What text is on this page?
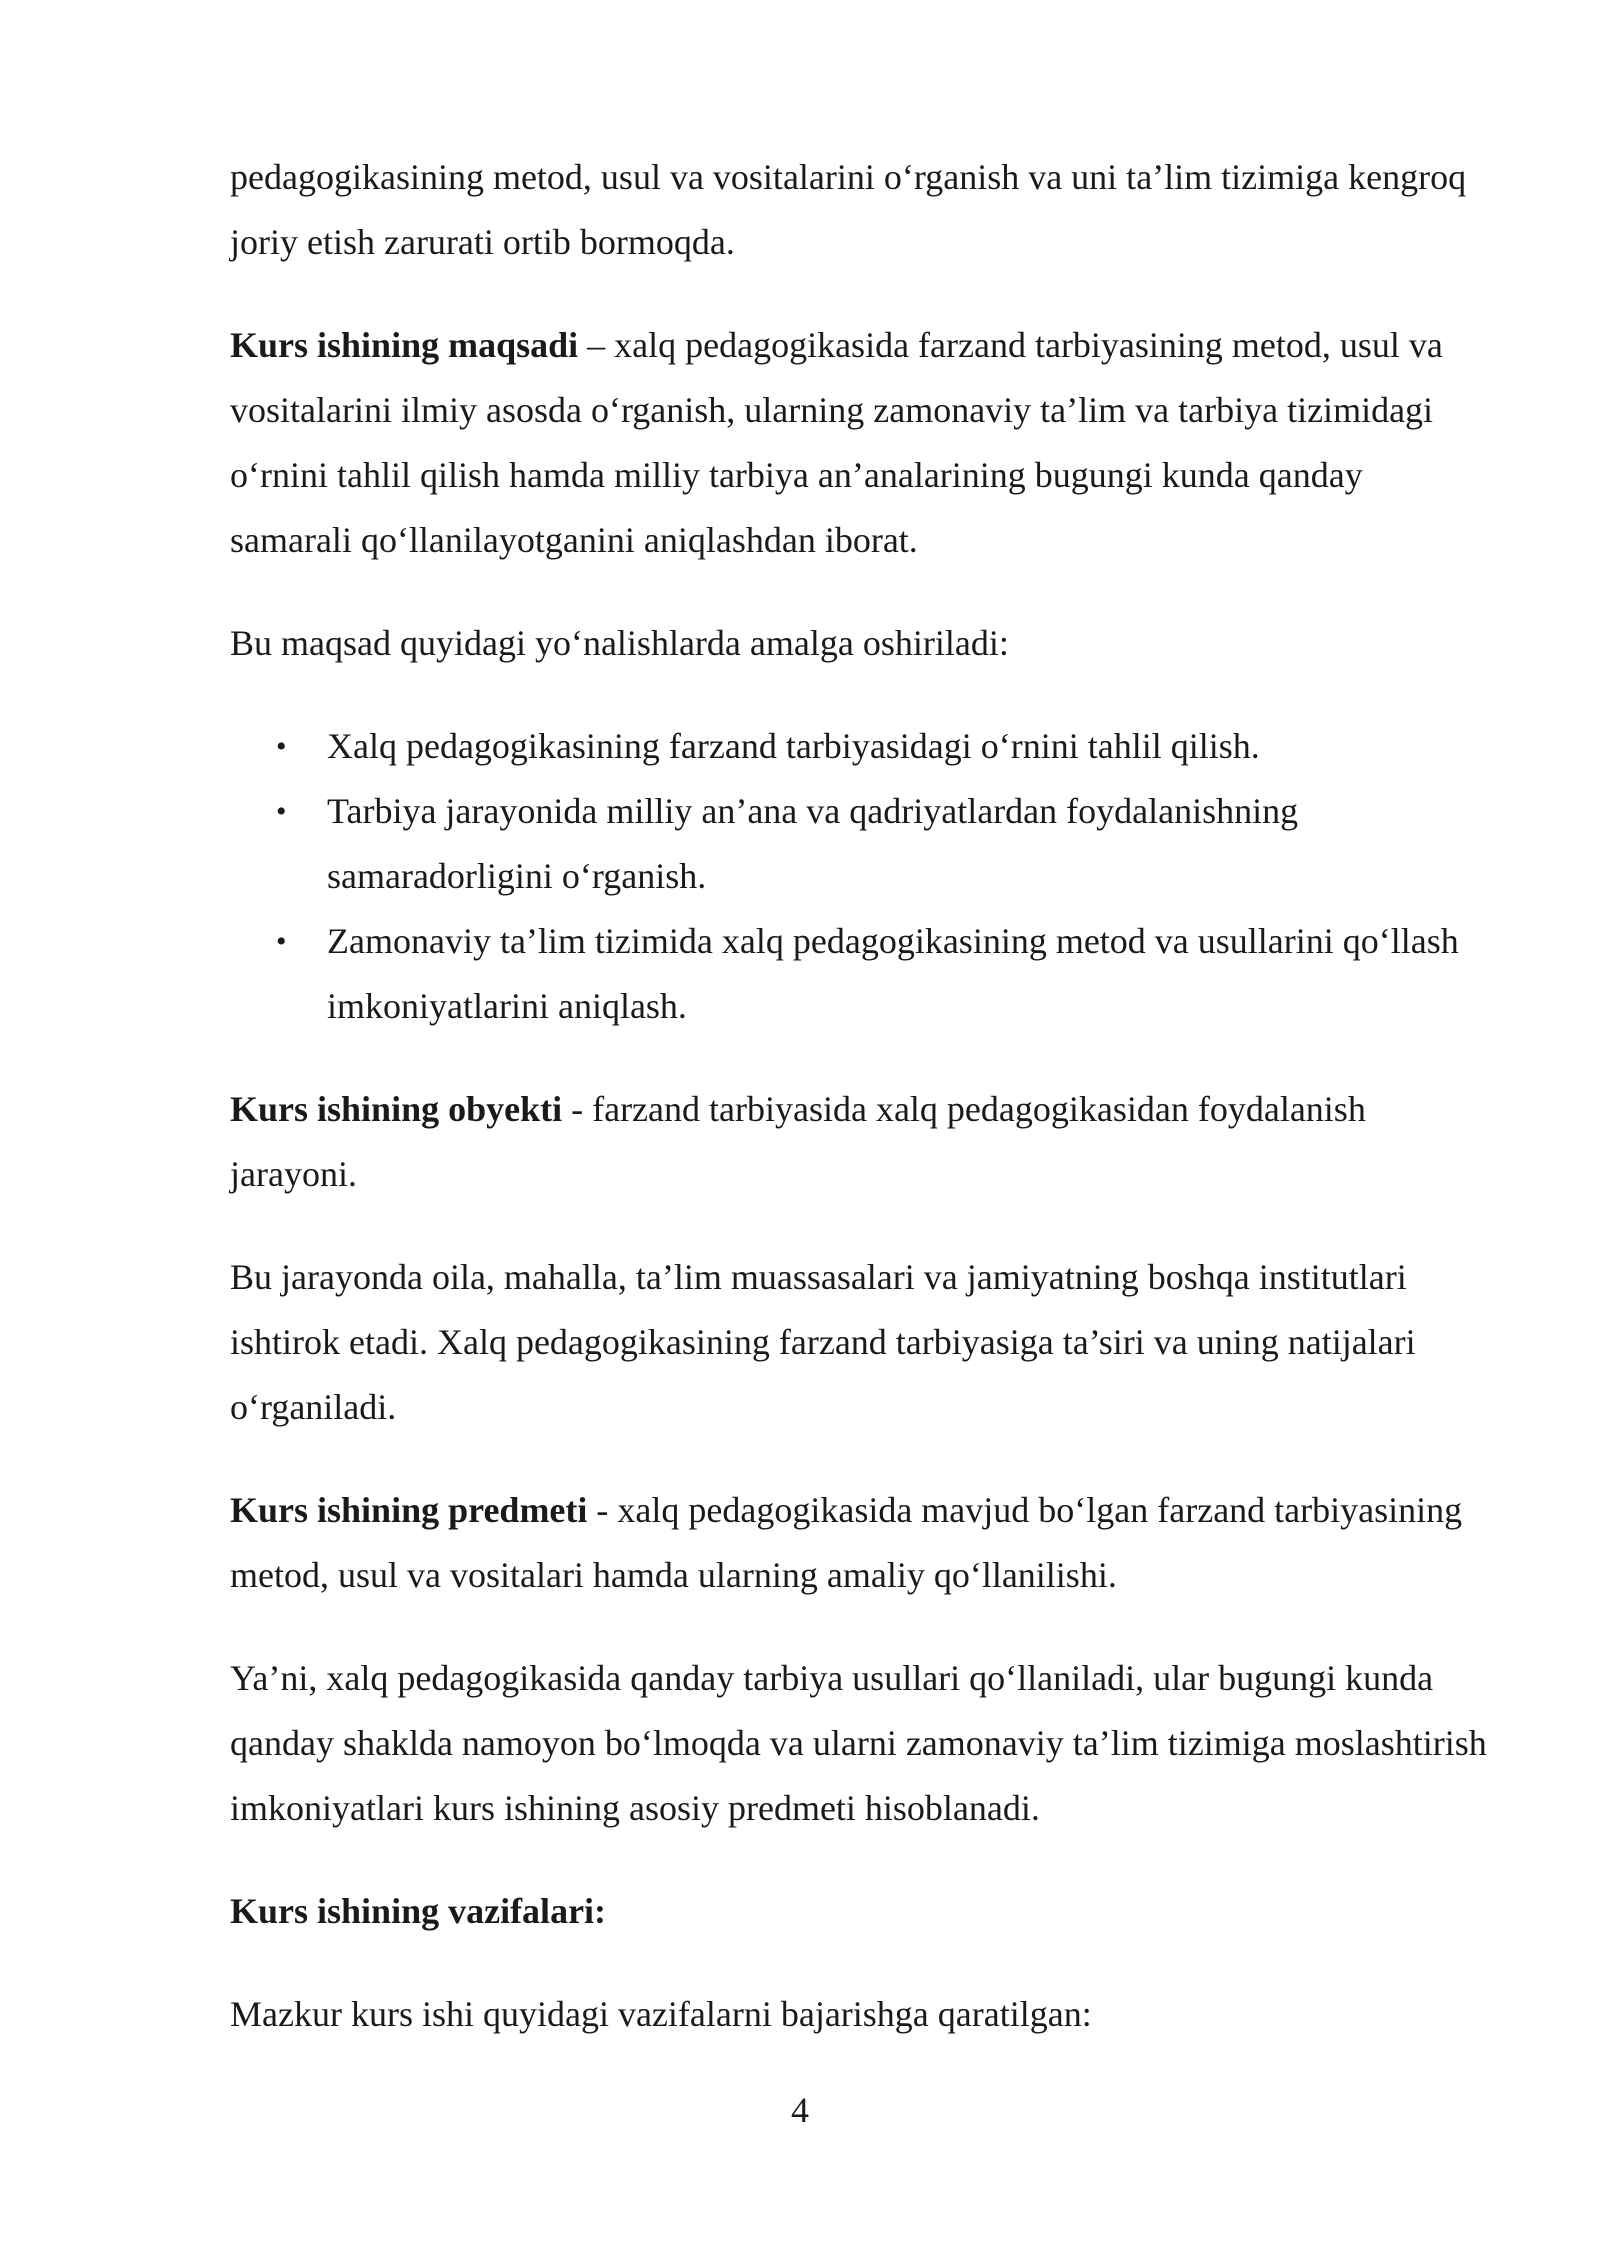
pedagogikasining metod, usul va vositalarini o‘rganish va uni ta’lim tizimiga kengroq joriy etish zarurati ortib bormoqda.

Kurs ishining maqsadi – xalq pedagogikasida farzand tarbiyasining metod, usul va vositalarini ilmiy asosda o‘rganish, ularning zamonaviy ta’lim va tarbiya tizimidagi o‘rnini tahlil qilish hamda milliy tarbiya an’analarining bugungi kunda qanday samarali qo‘llanilayotganini aniqlashdan iborat.

Bu maqsad quyidagi yo‘nalishlarda amalga oshiriladi:

• Xalq pedagogikasining farzand tarbiyasidagi o‘rnini tahlil qilish.
• Tarbiya jarayonida milliy an’ana va qadriyatlardan foydalanishning samaradorligini o‘rganish.
• Zamonaviy ta’lim tizimida xalq pedagogikasining metod va usullarini qo‘llash imkoniyatlarini aniqlash.

Kurs ishining obyekti - farzand tarbiyasida xalq pedagogikasidan foydalanish jarayoni.

Bu jarayonda oila, mahalla, ta’lim muassasalari va jamiyatning boshqa institutlari ishtirok etadi. Xalq pedagogikasining farzand tarbiyasiga ta’siri va uning natijalari o‘rganiladi.

Kurs ishining predmeti - xalq pedagogikasida mavjud bo‘lgan farzand tarbiyasining metod, usul va vositalari hamda ularning amaliy qo‘llanilishi.

Ya’ni, xalq pedagogikasida qanday tarbiya usullari qo‘llaniladi, ular bugungi kunda qanday shaklda namoyon bo‘lmoqda va ularni zamonaviy ta’lim tizimiga moslashtirish imkoniyatlari kurs ishining asosiy predmeti hisoblanadi.

Kurs ishining vazifalari:

Mazkur kurs ishi quyidagi vazifalarni bajarishga qaratilgan:

4
